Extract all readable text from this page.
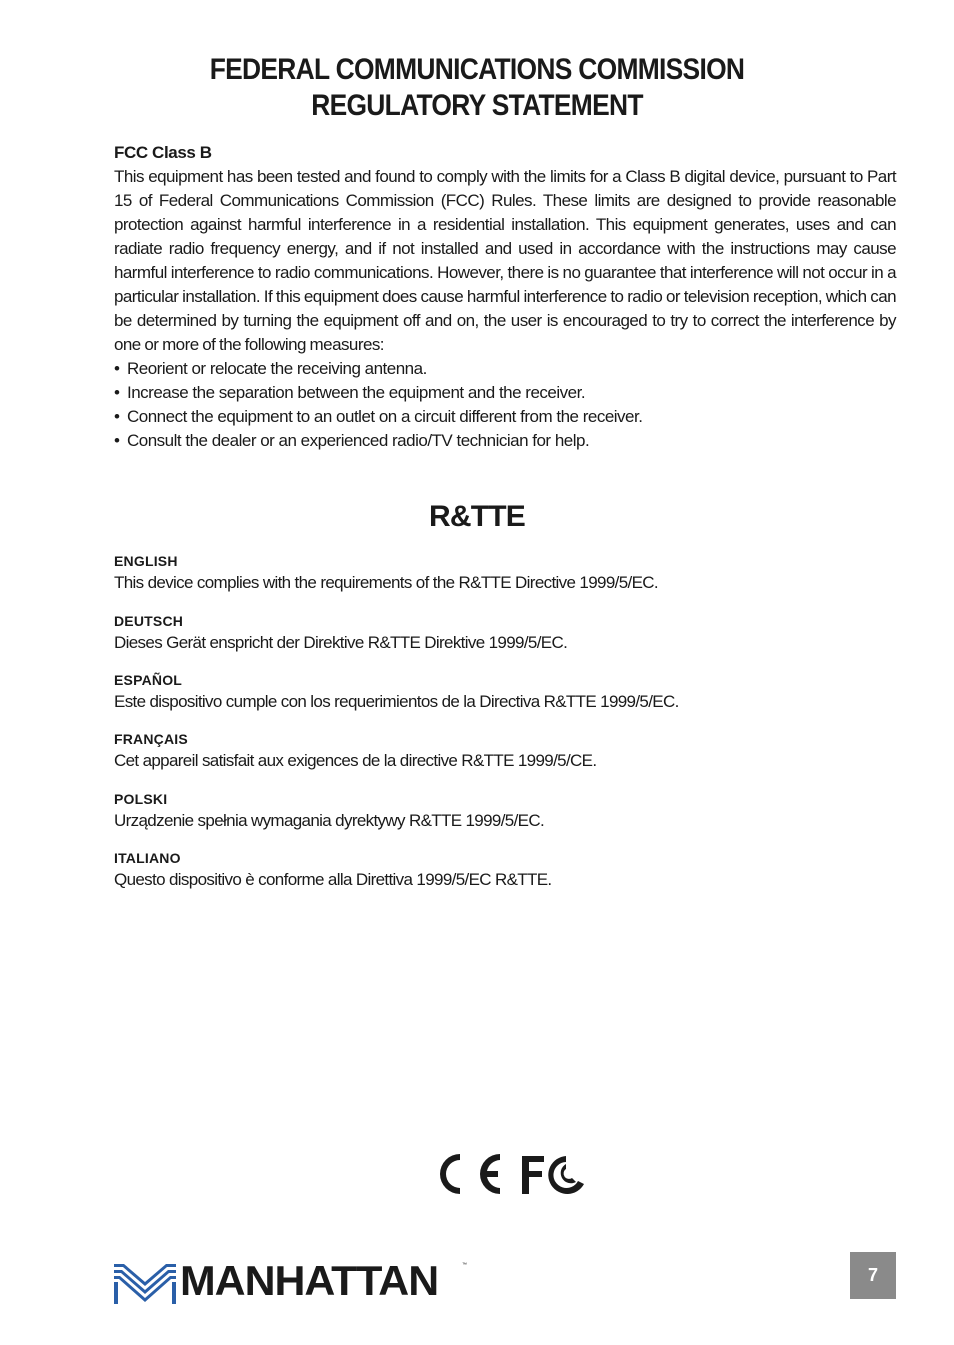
FEDERAL COMMUNICATIONS COMMISSION
REGULATORY STATEMENT
FCC Class B

This equipment has been tested and found to comply with the limits for a Class B digital device, pursuant to Part 15 of Federal Communications Commission (FCC) Rules. These limits are designed to provide reasonable protection against harmful interference in a residential installation. This equipment generates, uses and can radiate radio frequency energy, and if not installed and used in accordance with the instructions may cause harmful interference to radio communications. However, there is no guarantee that interference will not occur in a particular installation. If this equipment does cause harmful interference to radio or television reception, which can be determined by turning the equipment off and on, the user is encouraged to try to correct the interference by one or more of the following measures:

• Reorient or relocate the receiving antenna.
• Increase the separation between the equipment and the receiver.
• Connect the equipment to an outlet on a circuit different from the receiver.
• Consult the dealer or an experienced radio/TV technician for help.
R&TTE

ENGLISH

This device complies with the requirements of the R&TTE Directive 1999/5/EC.

DEUTSCH

Dieses Gerät enspricht der Direktive R&TTE Direktive 1999/5/EC.

ESPAÑOL

Este dispositivo cumple con los requerimientos de la Directiva R&TTE 1999/5/EC.

FRANÇAIS

Cet appareil satisfait aux exigences de la directive R&TTE 1999/5/CE.

POLSKI

Urządzenie spełnia wymagania dyrektywy R&TTE 1999/5/EC.

ITALIANO

Questo dispositivo è conforme alla Direttiva 1999/5/EC R&TTE.

MANHATTAN	™	7
